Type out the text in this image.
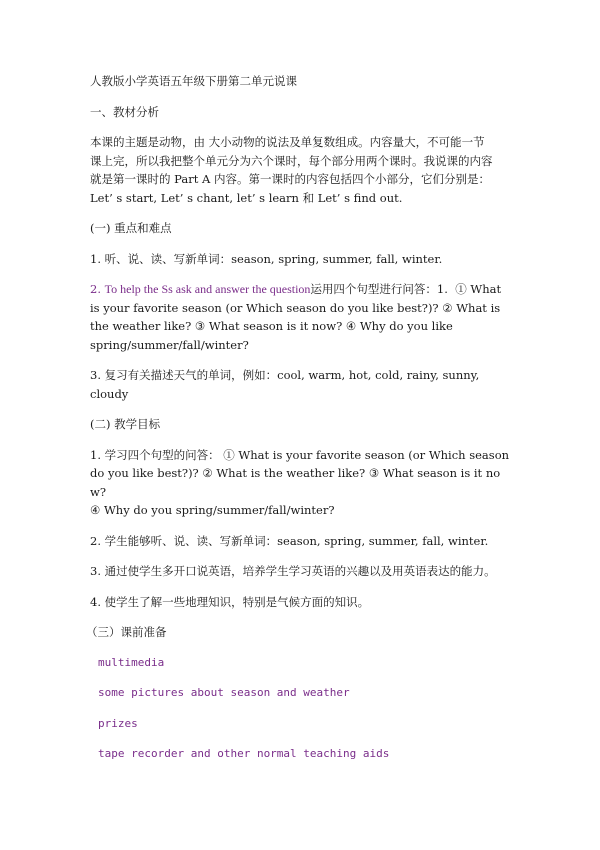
人教版小学英语五年级下册第二单元说课
一、教材分析
本课的主题是动物，由 大小动物的说法及单复数组成。内容量大，不可能一节
课上完，所以我把整个单元分为六个课时，每个部分用两个课时。我说课的内容
就是第一课时的 Part A 内容。第一课时的内容包括四个小部分，它们分别是：
Let’ s start, Let’ s chant, let’ s learn 和 Let’ s find out.
(一) 重点和难点
1. 听、说、读、写新单词：season, spring, summer, fall, winter.
2. To help the Ss ask and answer the question运用四个句型进行问答：1.  ① What
is your favorite season (or Which season do you like best?)? ② What is
the weather like? ③ What season is it now? ④ Why do you like
spring/summer/fall/winter?
3. 复习有关描述天气的单词，例如：cool, warm, hot, cold, rainy, sunny,
cloudy
(二) 教学目标
1. 学习四个句型的问答： ① What is your favorite season (or Which season
do you like best?)? ② What is the weather like? ③ What season is it now?
④ Why do you spring/summer/fall/winter?
2. 学生能够听、说、读、写新单词：season, spring, summer, fall, winter.
3. 通过使学生多开口说英语，培养学生学习英语的兴趣以及用英语表达的能力。
4. 使学生了解一些地理知识，特别是气候方面的知识。
（三）课前准备
multimedia
some pictures about season and weather
prizes
tape recorder and other normal teaching aids
